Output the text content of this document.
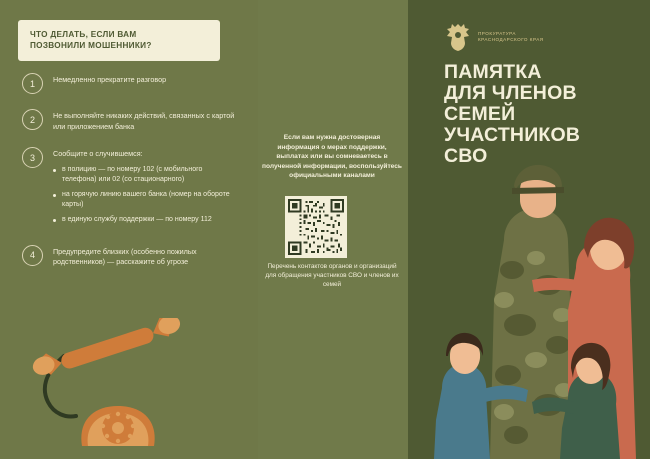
ЧТО ДЕЛАТЬ, ЕСЛИ ВАМ
ПОЗВОНИЛИ МОШЕННИКИ?
1	Немедленно прекратите разговор
2	Не выполняйте никаких действий, связанных с картой или приложением банка
3	Сообщите о случившемся:
в полицию — по номеру 102 (с мобильного телефона) или 02 (со стационарного)
на горячую линию вашего банка (номер на обороте карты)
в единую службу поддержки — по номеру 112
4	Предупредите близких (особенно пожилых родственников) — расскажите об угрозе
Если вам нужна достоверная информация о мерах поддержки, выплатах или вы сомневаетесь в полученной информации, воспользуйтесь официальными каналами
Перечень контактов органов и организаций для обращения участников СВО и членов их семей
ПРОКУРАТУРА
КРАСНОДАРСКОГО КРАЯ
ПАМЯТКА
ДЛЯ ЧЛЕНОВ
СЕМЕЙ
УЧАСТНИКОВ
СВО
